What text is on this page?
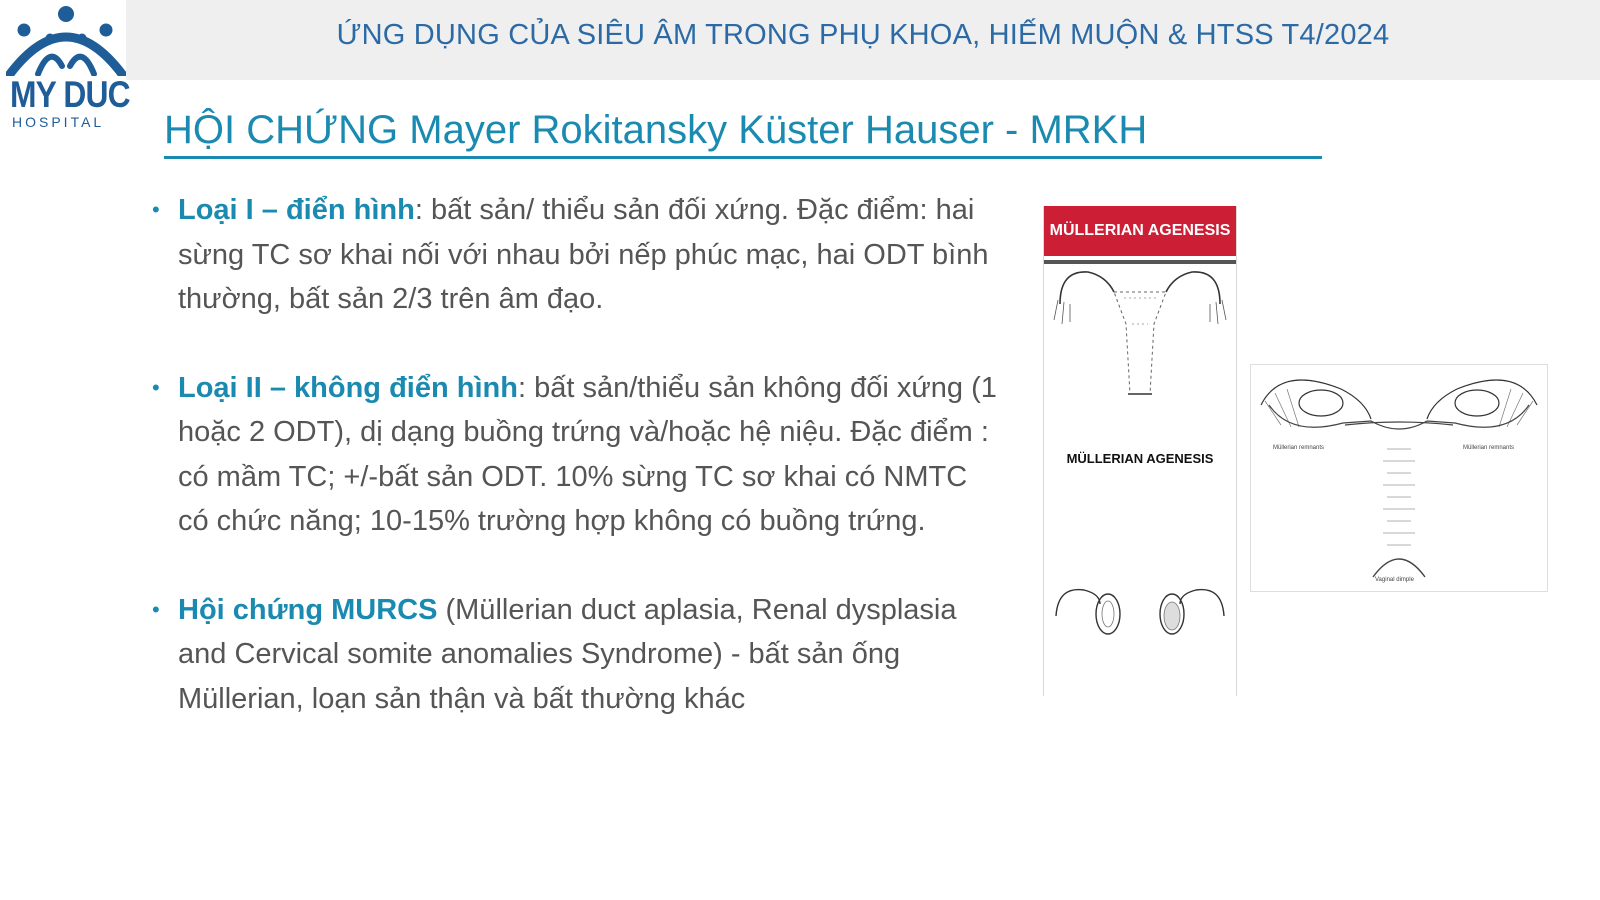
ỨNG DỤNG CỦA SIÊU ÂM TRONG PHỤ KHOA, HIẾM MUỘN & HTSS T4/2024
MY DUC
HOSPITAL HỘI CHỨNG Mayer Rokitansky Küster Hauser - MRKH
• Loại I – điển hình: bất sản/ thiểu sản đối xứng. Đặc điểm: hai sừng TC sơ khai nối với nhau bởi nếp phúc mạc, hai ODT bình thường, bất sản 2/3 trên âm đạo.
• Loại II – không điển hình: bất sản/thiểu sản không đối xứng (1 hoặc 2 ODT), dị dạng buồng trứng và/hoặc hệ niệu. Đặc điểm : có mầm TC; +/-bất sản ODT. 10% sừng TC sơ khai có NMTC có chức năng; 10-15% trường hợp không có buồng trứng.
• Hội chứng MURCS (Müllerian duct aplasia, Renal dysplasia and Cervical somite anomalies Syndrome) - bất sản ống Müllerian, loạn sản thận và bất thường khác
MÜLLERIAN AGENESIS
MÜLLERIAN AGENESIS
Müllerian remnants	Müllerian remnants
Vaginal dimple
